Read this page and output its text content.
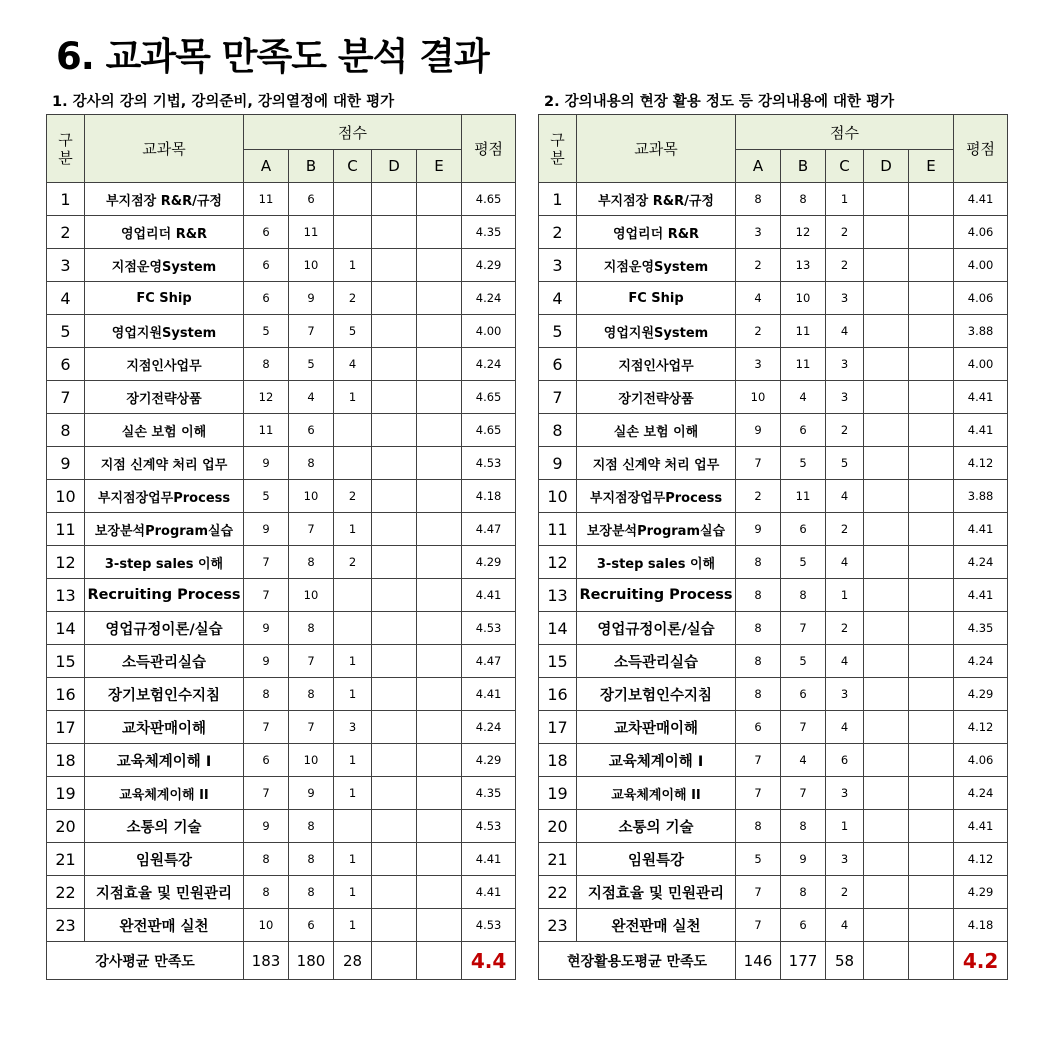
6. 교과목 만족도 분석 결과
1. 강사의 강의 기법, 강의준비, 강의열정에 대한 평가
구
분	교과목	점수					평점
		A	B	C	D	E	
1	부지점장 R&R/규정	11	6				4.65
2	영업리더 R&R	6	11				4.35
3	지점운영System	6	10	1			4.29
4	FC Ship	6	9	2			4.24
5	영업지원System	5	7	5			4.00
6	지점인사업무	8	5	4			4.24
7	장기전략상품	12	4	1			4.65
8	실손 보험 이해	11	6				4.65
9	지점 신계약 처리 업무	9	8				4.53
10	부지점장업무Process	5	10	2			4.18
11	보장분석Program실습	9	7	1			4.47
12	3-step sales 이해	7	8	2			4.29
13	Recruiting Process	7	10				4.41
14	영업규정이론/실습	9	8				4.53
15	소득관리실습	9	7	1			4.47
16	장기보험인수지침	8	8	1			4.41
17	교차판매이해	7	7	3			4.24
18	교육체계이해 I	6	10	1			4.29
19	교육체계이해 II	7	9	1			4.35
20	소통의 기술	9	8				4.53
21	임원특강	8	8	1			4.41
22	지점효율 및 민원관리	8	8	1			4.41
23	완전판매 실천	10	6	1			4.53
강사평균 만족도		183	180	28			4.4
2. 강의내용의 현장 활용 정도 등 강의내용에 대한 평가
구
분	교과목	점수					평점
		A	B	C	D	E	
1	부지점장 R&R/규정	8	8	1			4.41
2	영업리더 R&R	3	12	2			4.06
3	지점운영System	2	13	2			4.00
4	FC Ship	4	10	3			4.06
5	영업지원System	2	11	4			3.88
6	지점인사업무	3	11	3			4.00
7	장기전략상품	10	4	3			4.41
8	실손 보험 이해	9	6	2			4.41
9	지점 신계약 처리 업무	7	5	5			4.12
10	부지점장업무Process	2	11	4			3.88
11	보장분석Program실습	9	6	2			4.41
12	3-step sales 이해	8	5	4			4.24
13	Recruiting Process	8	8	1			4.41
14	영업규정이론/실습	8	7	2			4.35
15	소득관리실습	8	5	4			4.24
16	장기보험인수지침	8	6	3			4.29
17	교차판매이해	6	7	4			4.12
18	교육체계이해 I	7	4	6			4.06
19	교육체계이해 II	7	7	3			4.24
20	소통의 기술	8	8	1			4.41
21	임원특강	5	9	3			4.12
22	지점효율 및 민원관리	7	8	2			4.29
23	완전판매 실천	7	6	4			4.18
현장활용도평균 만족도		146	177	58			4.2
